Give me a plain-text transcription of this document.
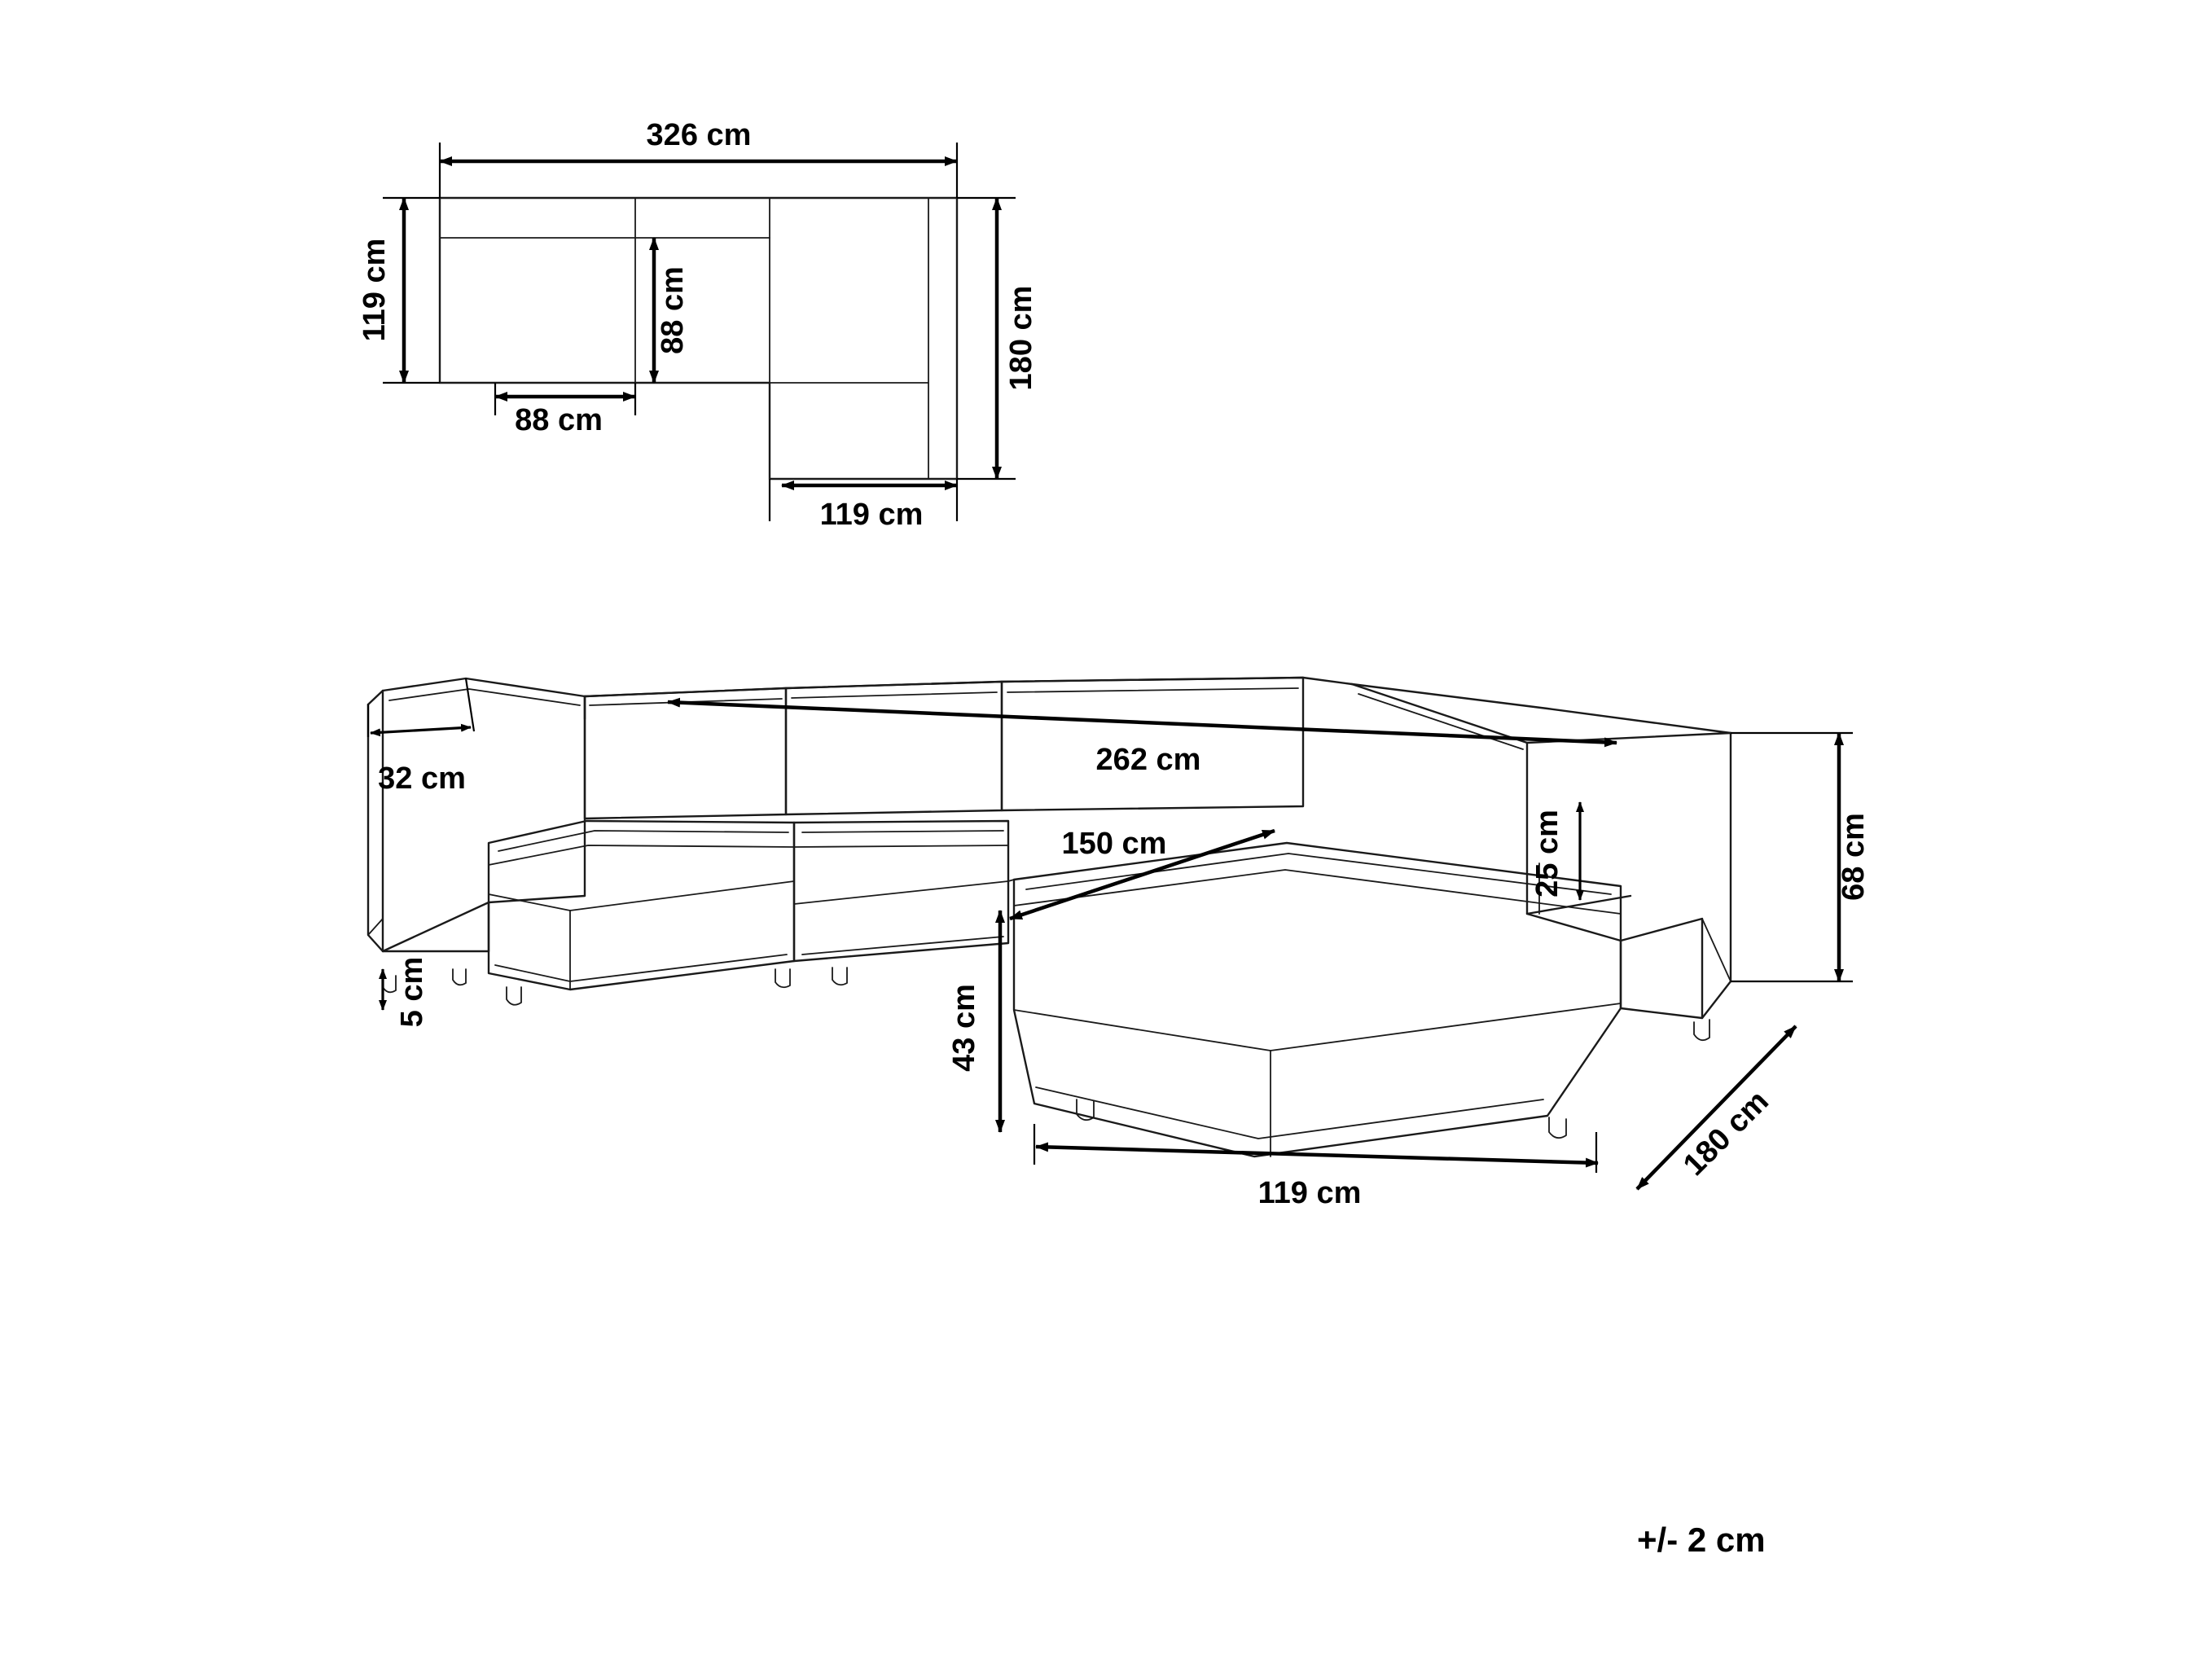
326 cm
119 cm	88 cm
88 cm
180 cm
119 cm
262 cm
32 cm
5 cm
150 cm
43 cm
119 cm
180 cm
25 cm	68 cm
+/- 2 cm
